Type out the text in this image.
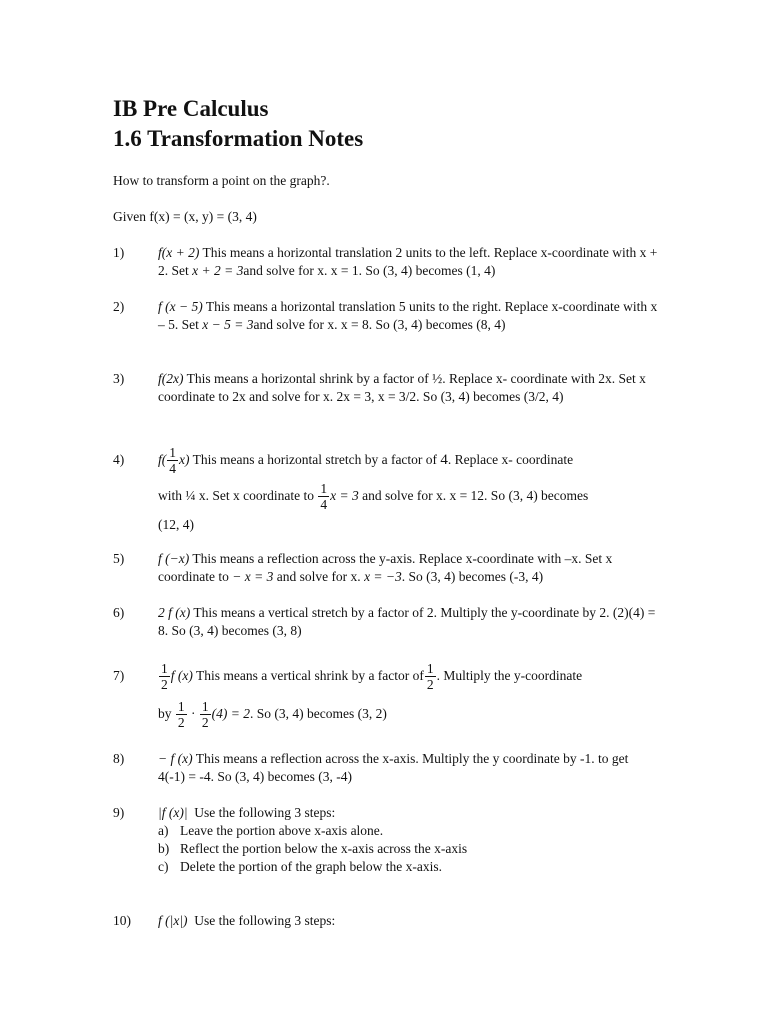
IB Pre Calculus
1.6 Transformation Notes
How to transform a point on the graph?.
Given f(x) = (x, y) = (3, 4)
1)	f(x + 2) This means a horizontal translation 2 units to the left. Replace x-coordinate with x + 2. Set x + 2 = 3and solve for x. x = 1. So (3, 4) becomes (1, 4)
2)	f (x − 5) This means a horizontal translation 5 units to the right. Replace x-coordinate with x – 5. Set x − 5 = 3and solve for x. x = 8. So (3, 4) becomes (8, 4)
3)	f(2x) This means a horizontal shrink by a factor of ½. Replace x- coordinate with 2x. Set x coordinate to 2x and solve for x. 2x = 3, x = 3/2. So (3, 4) becomes (3/2, 4)
4)	$f( \frac{1}{4} x)$ This means a horizontal stretch by a factor of 4. Replace x- coordinate
with ¼ x. Set x coordinate to $\frac{1}{4}$ x = 3 and solve for x. x = 12. So (3, 4) becomes
(12, 4)
5)	f (−x) This means a reflection across the y-axis. Replace x-coordinate with –x. Set x coordinate to − x = 3 and solve for x. x = −3. So (3, 4) becomes (-3, 4)
6)	2 f (x) This means a vertical stretch by a factor of 2. Multiply the y-coordinate by 2. (2)(4) = 8. So (3, 4) becomes (3, 8)
7)	$\frac{1}{2}$ f (x) This means a vertical shrink by a factor of $\frac{1}{2}$ . Multiply the y-coordinate
by $\frac{1}{2} \cdot \frac{1}{2} (4) = 2$. So (3, 4) becomes (3, 2)
8)	− f (x) This means a reflection across the x-axis. Multiply the y coordinate by -1. to get 4(-1) = -4. So (3, 4) becomes (3, -4)
9)	|f (x)|  Use the following 3 steps:
a) Leave the portion above x-axis alone.
b) Reflect the portion below the x-axis across the x-axis
c) Delete the portion of the graph below the x-axis.
10) f (|x|)  Use the following 3 steps:
